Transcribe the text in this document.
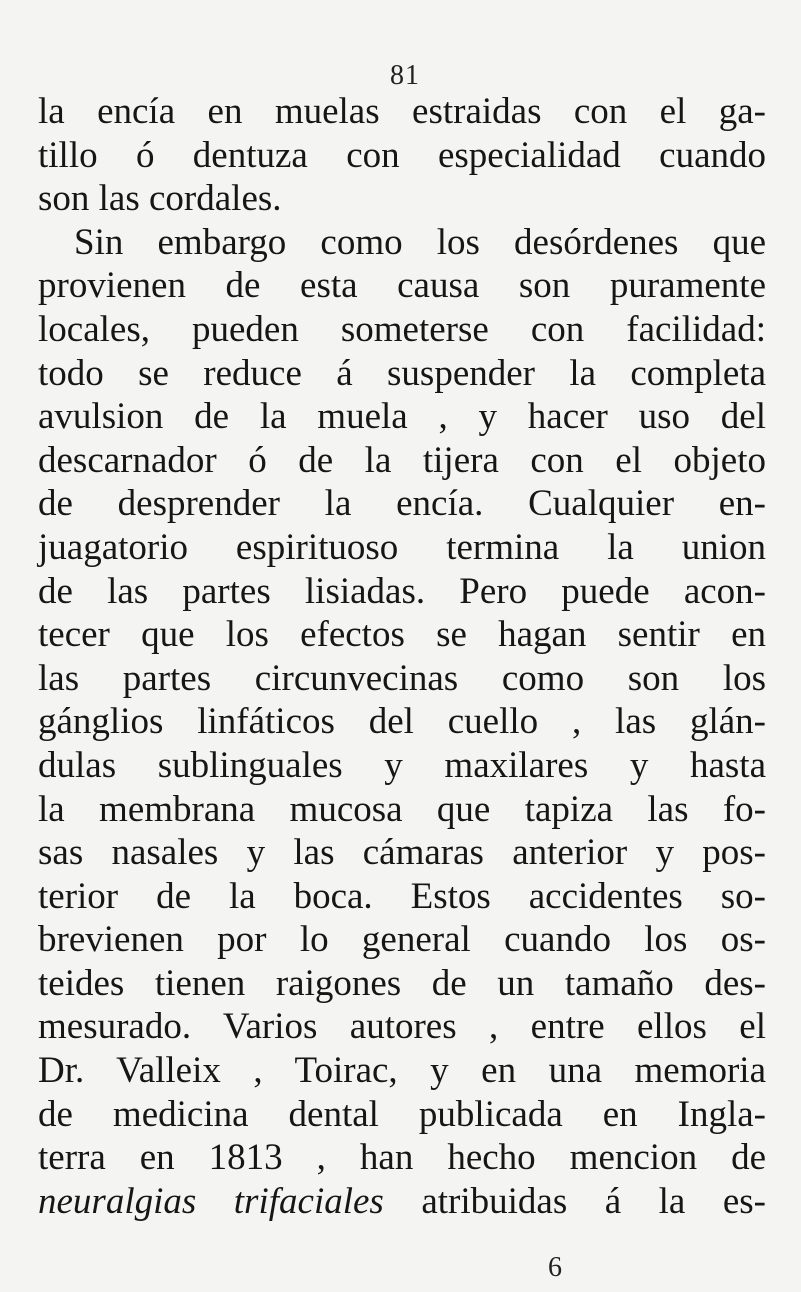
81
la encía en muelas estraidas con el ga-
tillo ó dentuza con especialidad cuando
son las cordales.
Sin embargo como los desórdenes que
provienen de esta causa son puramente
locales, pueden someterse con facilidad:
todo se reduce á suspender la completa
avulsion de la muela , y hacer uso del
descarnador ó de la tijera con el objeto
de desprender la encía. Cualquier en-
juagatorio espirituoso termina la union
de las partes lisiadas. Pero puede acon-
tecer que los efectos se hagan sentir en
las partes circunvecinas como son los
gánglios linfáticos del cuello , las glán-
dulas sublinguales y maxilares y hasta
la membrana mucosa que tapiza las fo-
sas nasales y las cámaras anterior y pos-
terior de la boca. Estos accidentes so-
brevienen por lo general cuando los os-
teides tienen raigones de un tamaño des-
mesurado. Varios autores , entre ellos el
Dr. Valleix , Toirac, y en una memoria
de medicina dental publicada en Ingla-
terra en 1813 , han hecho mencion de
neuralgias trifaciales atribuidas á la es-
6
